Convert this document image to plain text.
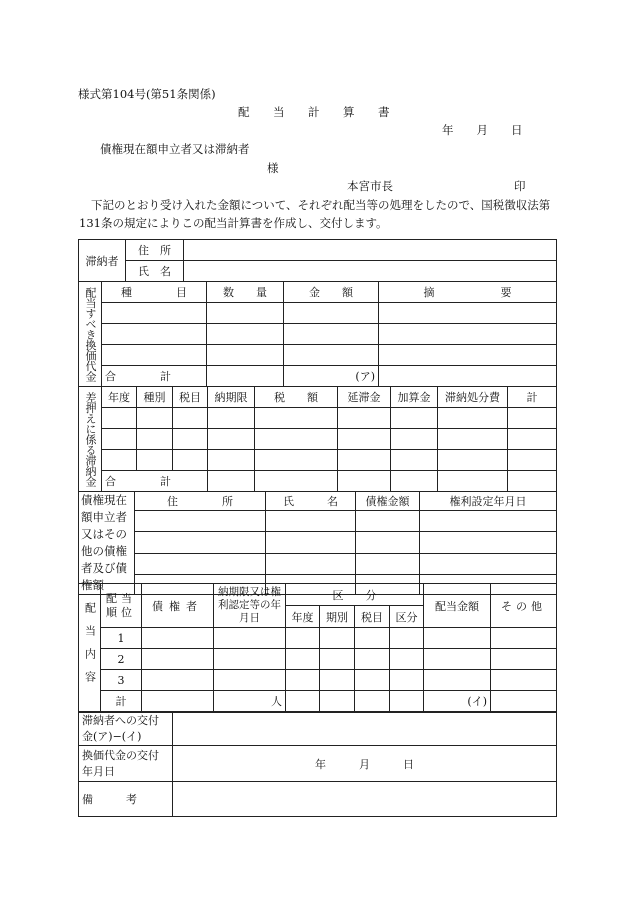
様式第104号(第51条関係)
配　当　計　算　書
年　　月　　日
債権現在額申立者又は滞納者
様
本宮市長	印
下記のとおり受け入れた金額について、それぞれ配当等の処理をしたので、国税徴収法第131条の規定によりこの配当計算書を作成し、交付します。
滞納者	住　所	
	氏　名	
配当すべき換価代金	種　　　　目	数　　量	金　　額	摘　　　　　　要

	合　　　　計		(ア)	
差押えに係る滞納金	年度	種別	税目	納期限	税　　額	延滞金	加算金	滞納処分費	計

	合　　　　計								
債権現在額申立者又はその他の債権者及び債権額	住　　　　所	氏　　　名	債権金額	権利設定年月日

配当内容	配当順位	債権者	納期限又は権利認定等の年月日	区　　分				配当金額	その他
				年度	期別	税目	区分		
	1								
	2								
	3								
	計		人					(イ)	
滞納者への交付金(ア)−(イ)	
換価代金の交付年月日	年　　　月　　　日
備　　　考	
